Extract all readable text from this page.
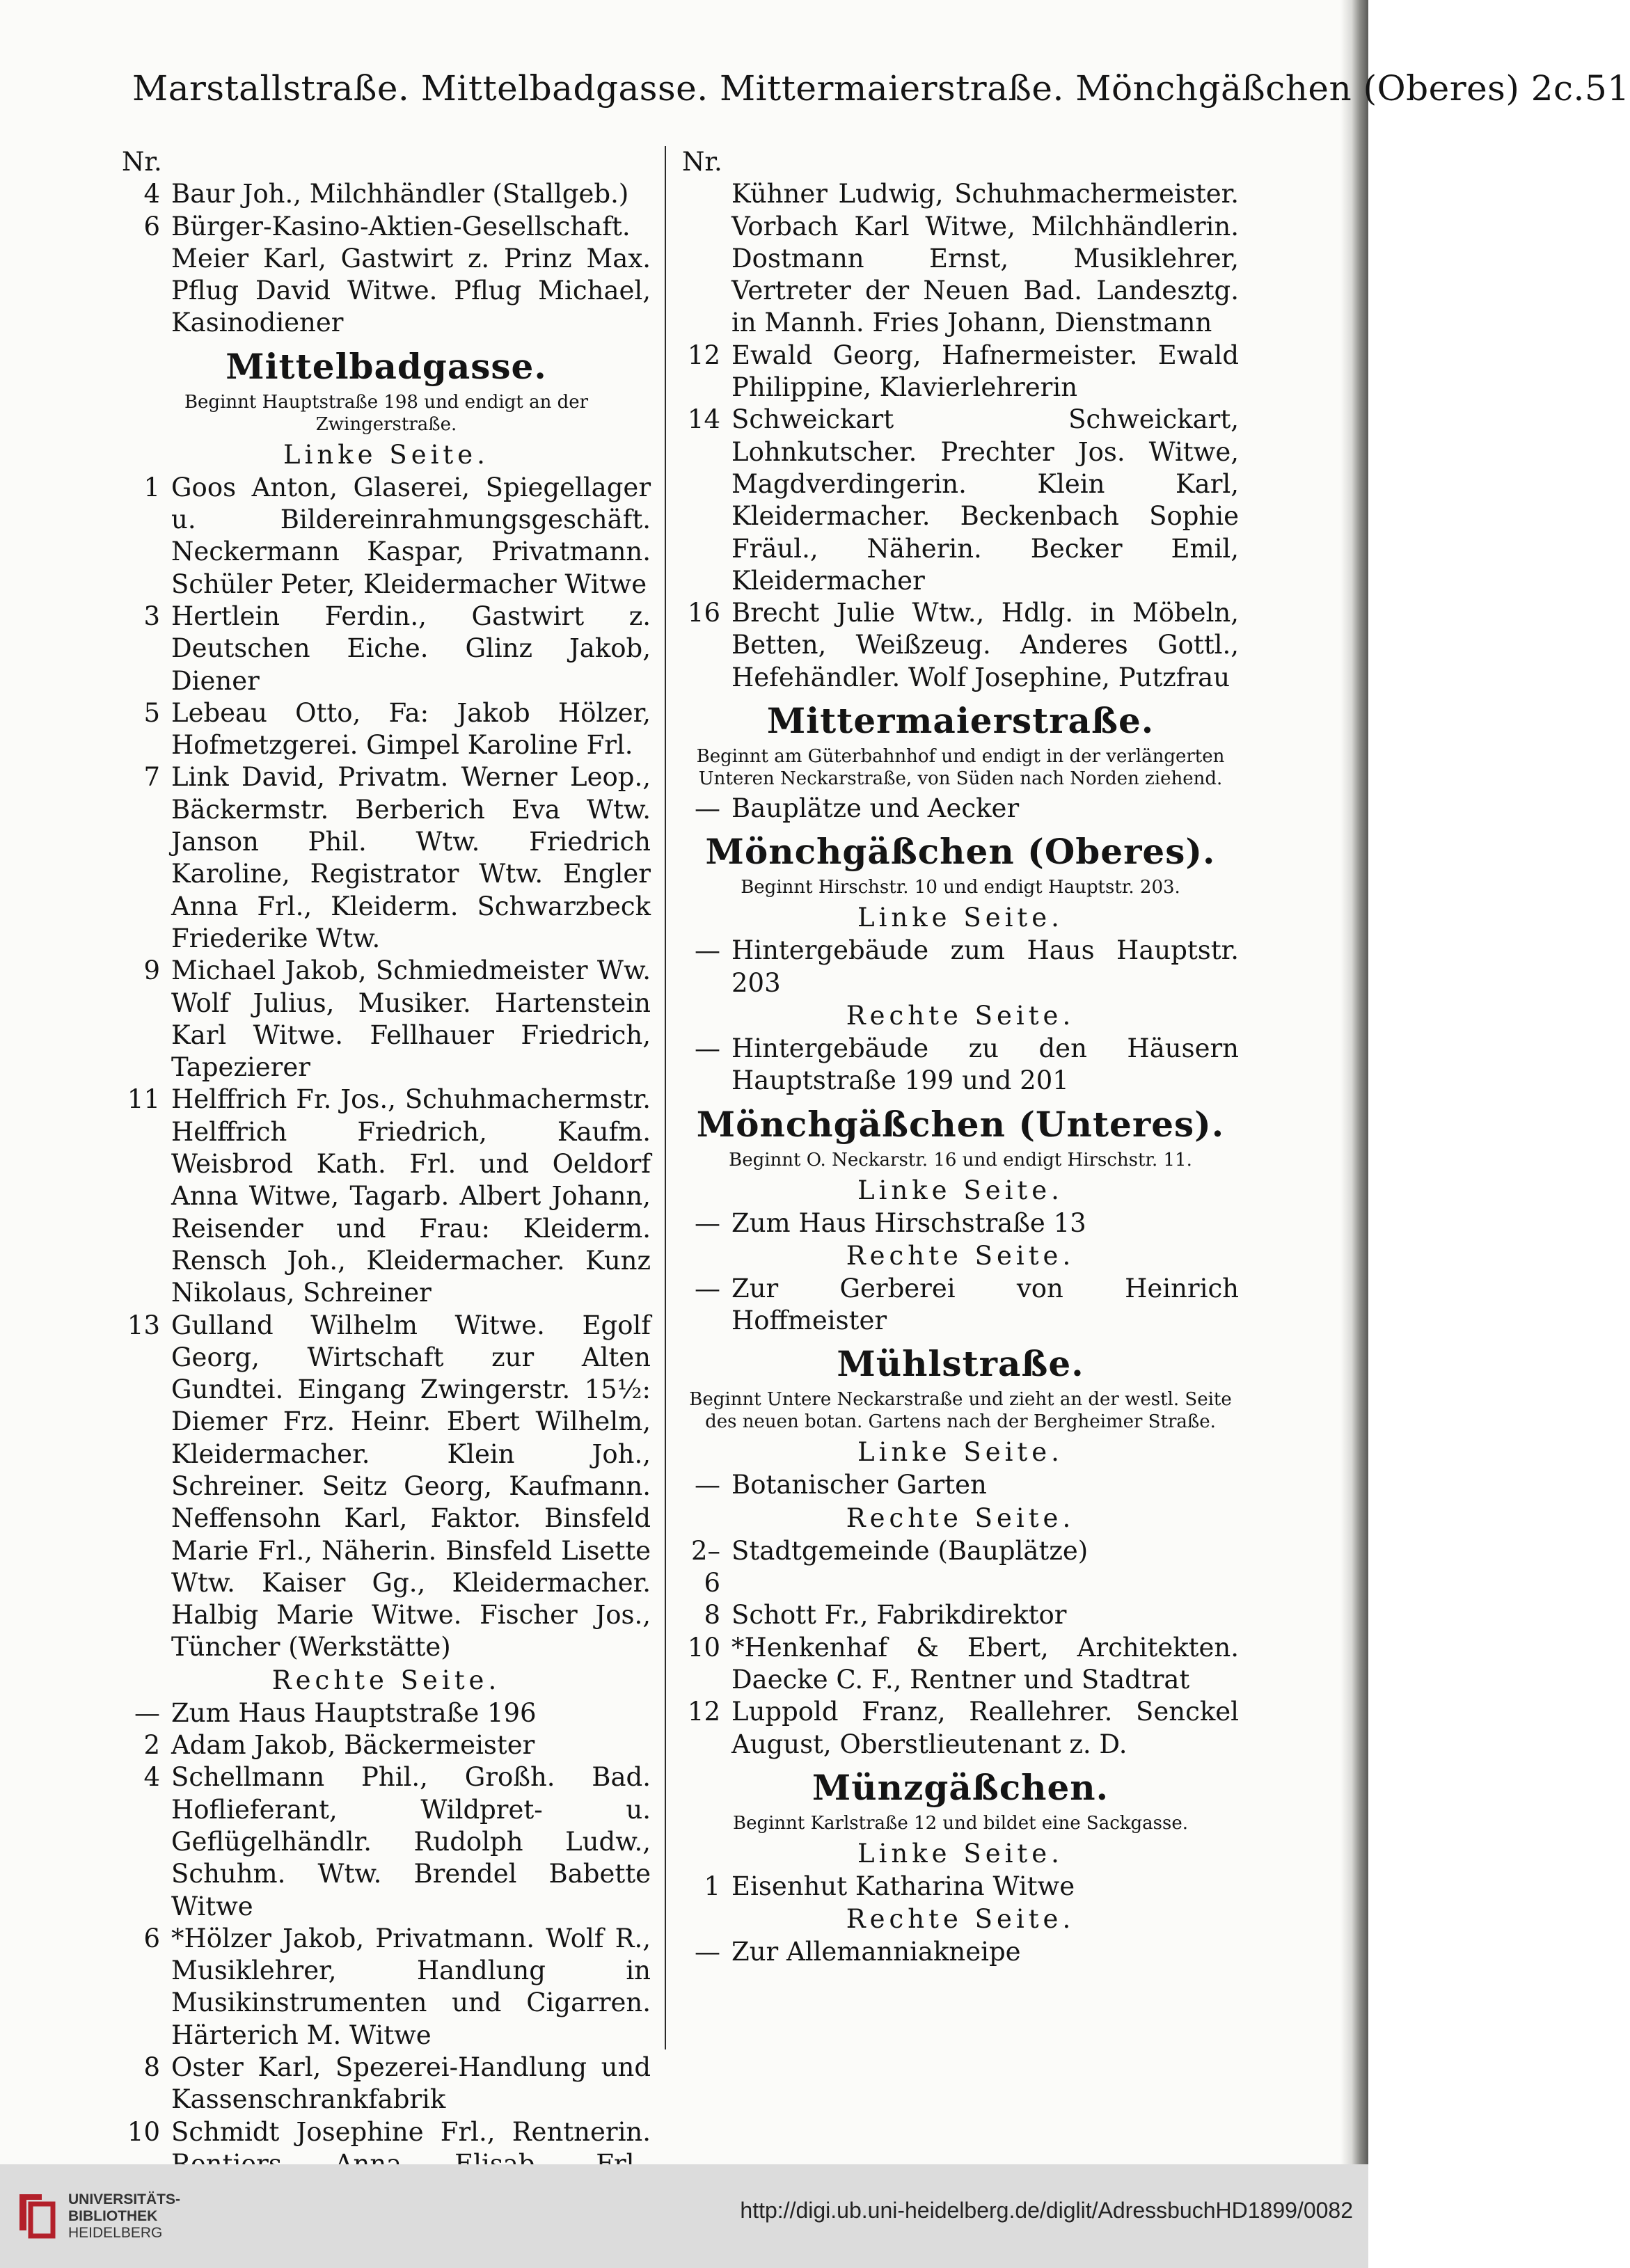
Marstallstraße. Mittelbadgasse. Mittermaierstraße. Mönchgäßchen (Oberes) 2c. 51
Nr.
4 Baur Joh., Milchhändler (Stallgeb.)
6 Bürger-Kasino-Aktien-Gesellschaft. Meier Karl, Gastwirt z. Prinz Max. Pflug David Witwe. Pflug Michael, Kasinodiener
Mittelbadgasse.
Beginnt Hauptstraße 198 und endigt an der Zwingerstraße.
Linke Seite.
1 Goos Anton, Glaserei, Spiegellager u. Bildereinrahmungsgeschäft. Neckermann Kaspar, Privatmann. Schüler Peter, Kleidermacher Witwe
3 Hertlein Ferdin., Gastwirt z. Deutschen Eiche. Glinz Jakob, Diener
5 Lebeau Otto, Fa: Jakob Hölzer, Hofmetzgerei. Gimpel Karoline Frl.
7 Link David, Privatm. Werner Leop., Bäckermstr. Berberich Eva Wtw. Janson Phil. Wtw. Friedrich Karoline, Registrator Wtw. Engler Anna Frl., Kleiderm. Schwarzbeck Friederike Wtw.
9 Michael Jakob, Schmiedmeister Ww. Wolf Julius, Musiker. Hartenstein Karl Witwe. Fellhauer Friedrich, Tapezierer
11 Helffrich Fr. Jos., Schuhmachermstr. Helffrich Friedrich, Kaufm. Weisbrod Kath. Frl. und Oeldorf Anna Witwe, Tagarb. Albert Johann, Reisender und Frau: Kleiderm. Rensch Joh., Kleidermacher. Kunz Nikolaus, Schreiner
13 Gulland Wilhelm Witwe. Egolf Georg, Wirtschaft zur Alten Gundtei. Eingang Zwingerstr. 15½: Diemer Frz. Heinr. Ebert Wilhelm, Kleidermacher. Klein Joh., Schreiner. Seitz Georg, Kaufmann. Neffensohn Karl, Faktor. Binsfeld Marie Frl., Näherin. Binsfeld Lisette Wtw. Kaiser Gg., Kleidermacher. Halbig Marie Witwe. Fischer Jos., Tüncher (Werkstätte)
Rechte Seite.
— Zum Haus Hauptstraße 196
2 Adam Jakob, Bäckermeister
4 Schellmann Phil., Großh. Bad. Hoflieferant, Wildpret- u. Geflügelhändlr. Rudolph Ludw., Schuhm. Wtw. Brendel Babette Witwe
6 *Hölzer Jakob, Privatmann. Wolf R., Musiklehrer, Handlung in Musikinstrumenten und Cigarren. Härterich M. Witwe
8 Oster Karl, Spezerei-Handlung und Kassenschrankfabrik
10 Schmidt Josephine Frl., Rentnerin.
Nr.
Kühner Ludwig, Schuhmachermeister. Vorbach Karl Witwe, Milchhändlerin. Dostmann Ernst, Musiklehrer, Vertreter der Neuen Bad. Landesztg. in Mannh. Fries Johann, Dienstmann
12 Ewald Georg, Hafnermeister. Ewald Philippine, Klavierlehrerin
14 Schweickart Schweickart, Lohnkutscher. Prechter Jos. Witwe, Magdverdingerin. Klein Karl, Kleidermacher. Beckenbach Sophie Fräul., Näherin. Becker Emil, Kleidermacher
16 Brecht Julie Wtw., Hdlg. in Möbeln, Betten, Weißzeug. Anderes Gottl., Hefehändler. Wolf Josephine, Putzfrau
Mittermaierstraße.
Beginnt am Güterbahnhof und endigt in der verlängerten Unteren Neckarstraße, von Süden nach Norden ziehend.
— Bauplätze und Aecker
Mönchgäßchen (Oberes).
Beginnt Hirschstr. 10 und endigt Hauptstr. 203.
Linke Seite.
— Hintergebäude zum Haus Hauptstr. 203
Rechte Seite.
— Hintergebäude zu den Häusern Hauptstraße 199 und 201
Mönchgäßchen (Unteres).
Beginnt O. Neckarstr. 16 und endigt Hirschstr. 11.
Linke Seite.
— Zum Haus Hirschstraße 13
Rechte Seite.
— Zur Gerberei von Heinrich Hoffmeister
Mühlstraße.
Beginnt Untere Neckarstraße und zieht an der westl. Seite des neuen botan. Gartens nach der Bergheimer Straße.
Linke Seite.
— Botanischer Garten
Rechte Seite.
2–6
Stadtgemeinde (Bauplätze)
8 Schott Fr., Fabrikdirektor
10 *Henkenhaf & Ebert, Architekten. Daecke C. F., Rentner und Stadtrat
12 Luppold Franz, Reallehrer. Senckel August, Oberstlieutenant z. D.
Münzgäßchen.
Beginnt Karlstraße 12 und bildet eine Sackgasse.
Linke Seite.
1 Eisenhut Katharina Witwe
Rechte Seite.
— Zur Allemanniakneipe
UNIVERSITÄTS-
BIBLIOTHEK
HEIDELBERG
http://digi.ub.uni-heidelberg.de/diglit/AdressbuchHD1899/0082
